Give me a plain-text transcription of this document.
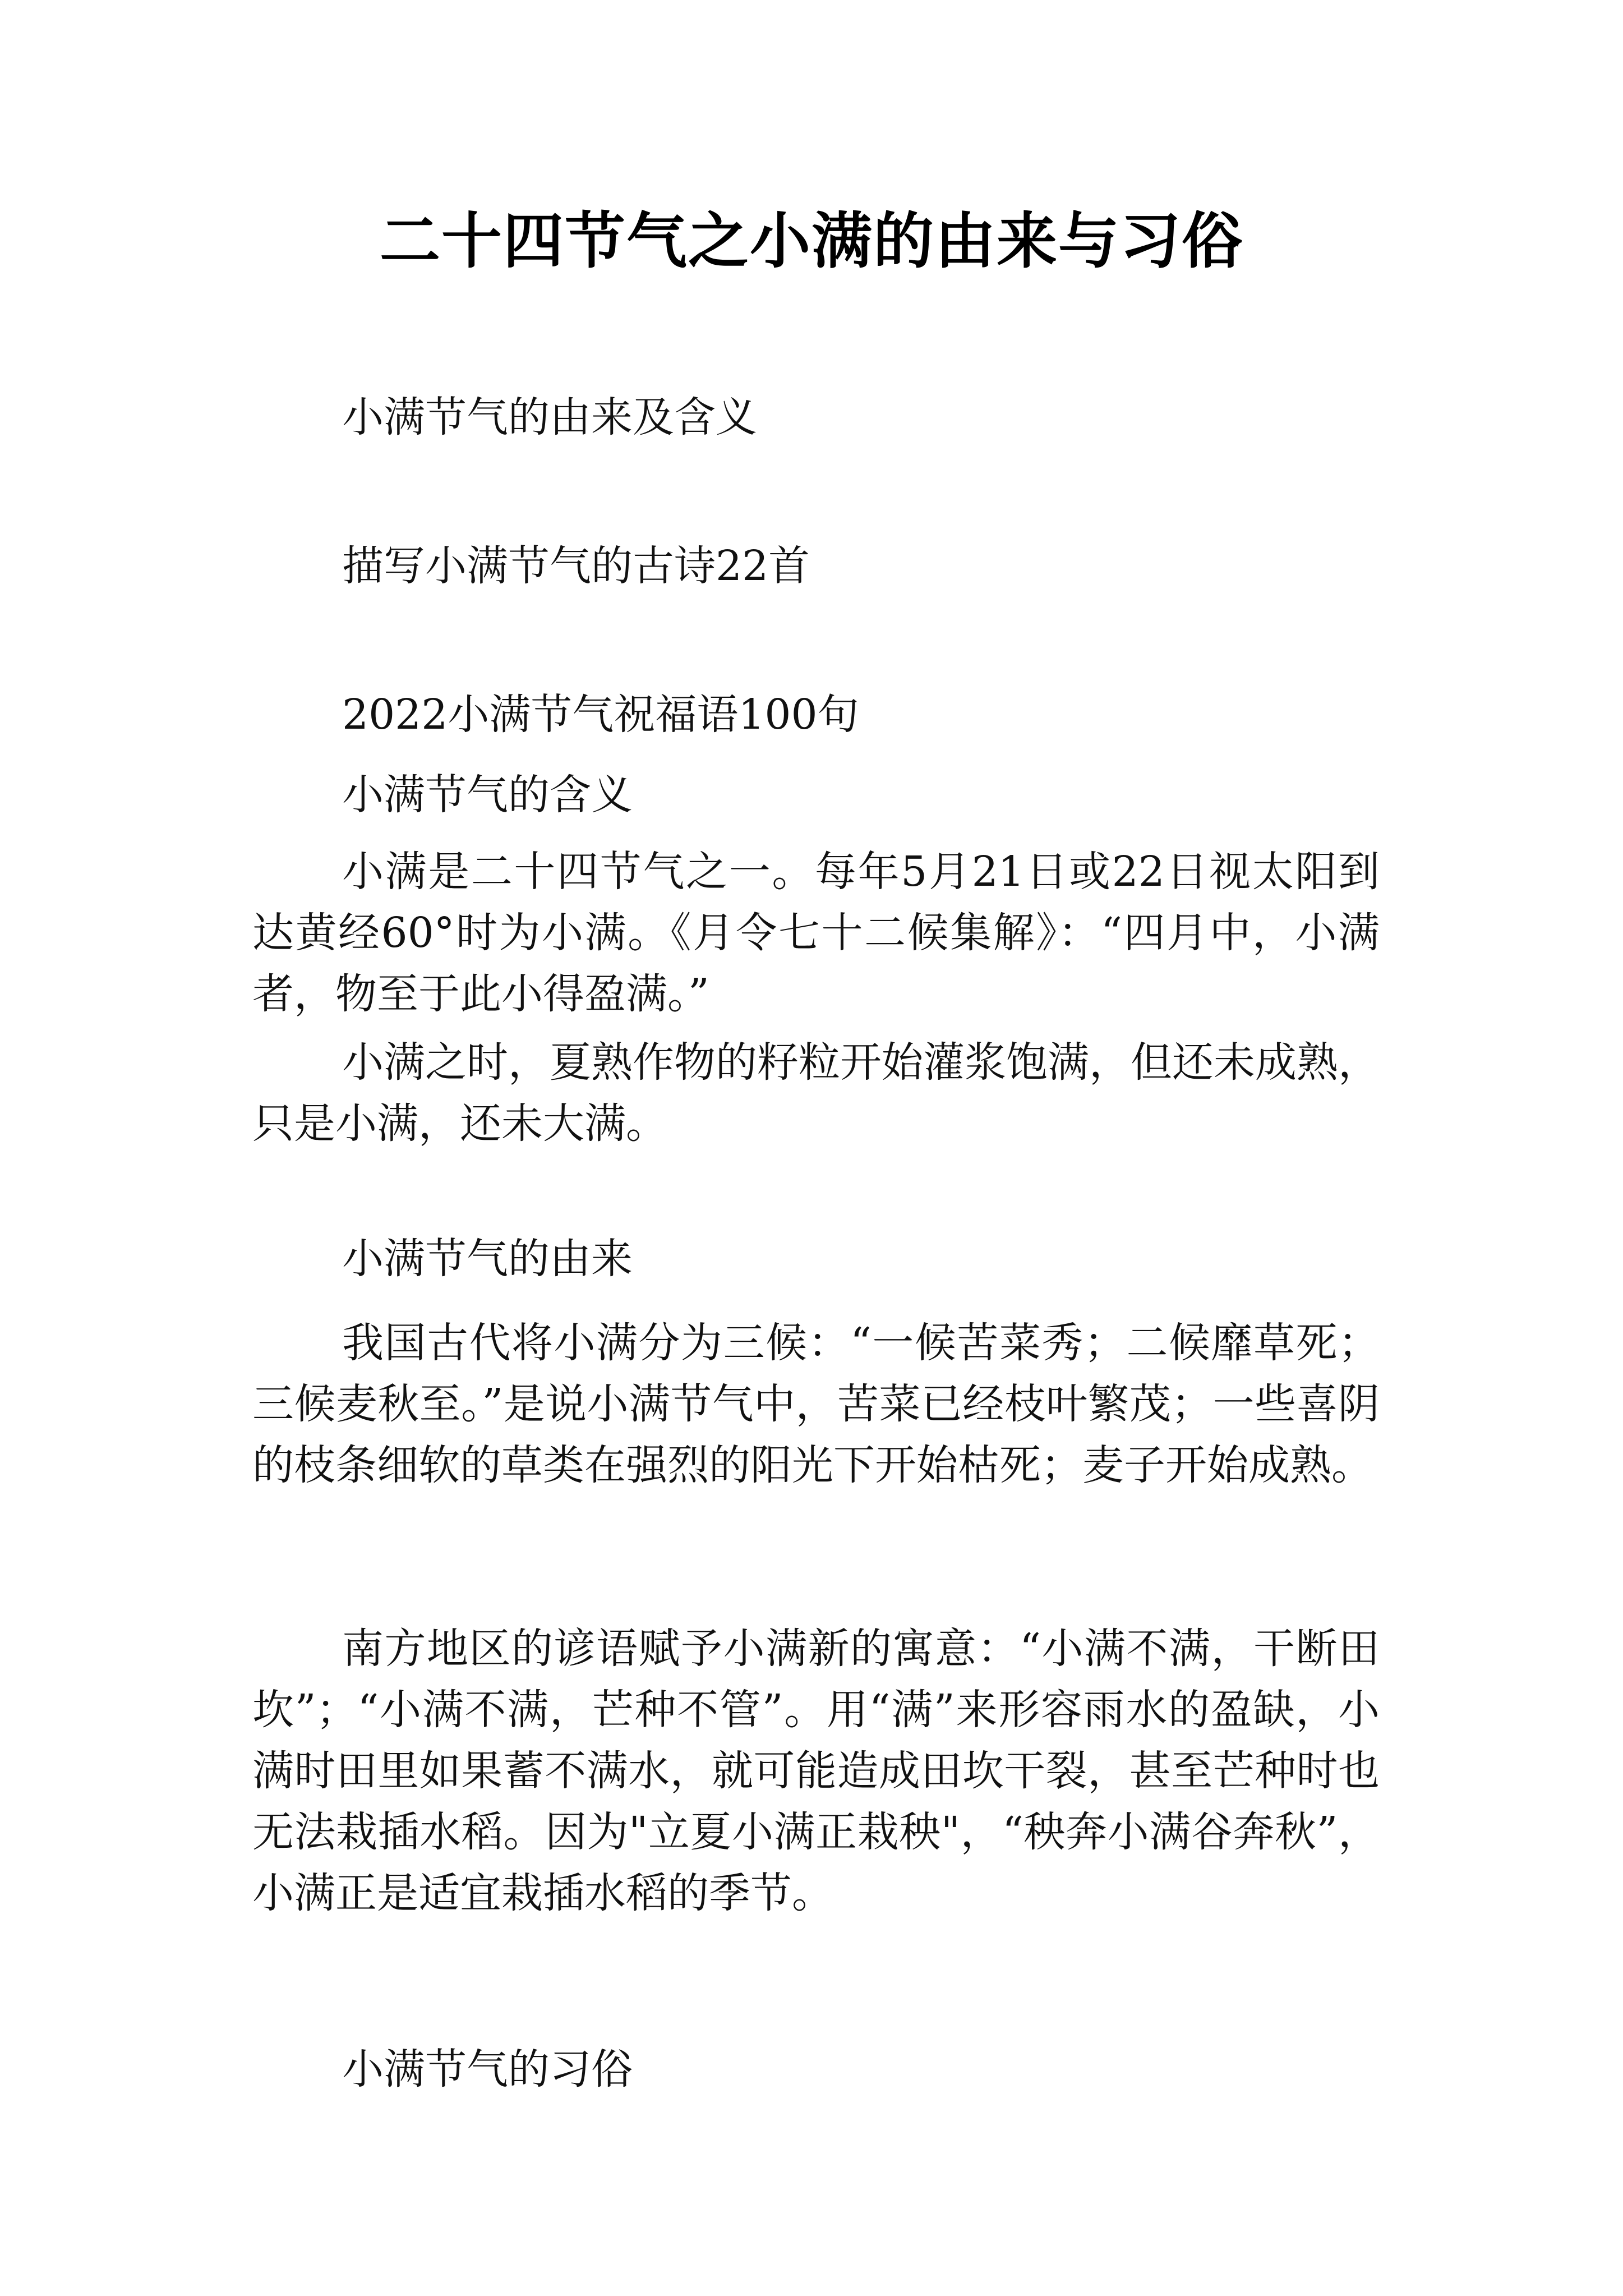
二十四节气之小满的由来与习俗
小满节气的由来及含义
描写小满节气的古诗22首
2022小满节气祝福语100句
小满节气的含义
小满是二十四节气之一。每年5月21日或22日视太阳到达黄经60°时为小满。《月令七十二候集解》：“四月中，小满者，物至于此小得盈满。”
小满之时，夏熟作物的籽粒开始灌浆饱满，但还未成熟，只是小满，还未大满。
小满节气的由来
我国古代将小满分为三候：“一候苦菜秀；二候靡草死；三候麦秋至。”是说小满节气中，苦菜已经枝叶繁茂；一些喜阴的枝条细软的草类在强烈的阳光下开始枯死；麦子开始成熟。
南方地区的谚语赋予小满新的寓意：“小满不满，干断田坎”；“小满不满，芒种不管”。用“满”来形容雨水的盈缺，小满时田里如果蓄不满水，就可能造成田坎干裂，甚至芒种时也无法栽插水稻。因为"立夏小满正栽秧"，“秧奔小满谷奔秋”，小满正是适宜栽插水稻的季节。
小满节气的习俗
